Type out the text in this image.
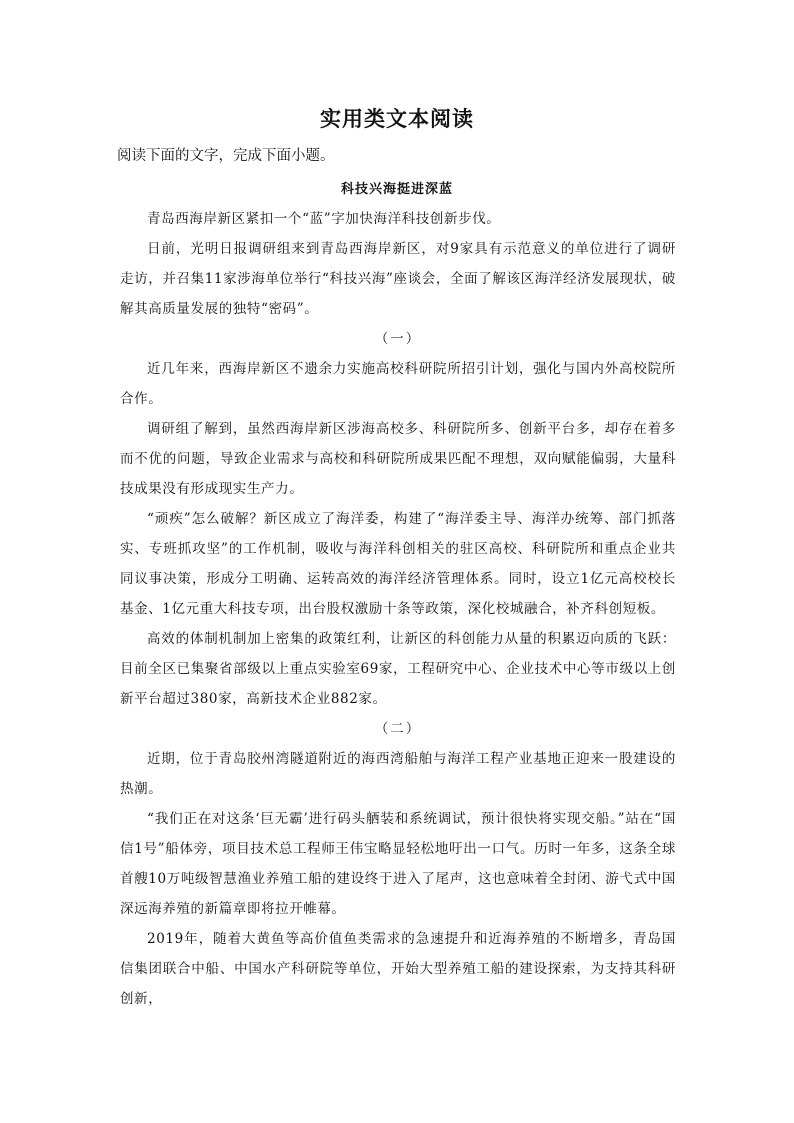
实用类文本阅读
阅读下面的文字，完成下面小题。
科技兴海挺进深蓝

青岛西海岸新区紧扣一个“蓝”字加快海洋科技创新步伐。

日前，光明日报调研组来到青岛西海岸新区，对9家具有示范意义的单位进行了调研走访，并召集11家涉海单位举行“科技兴海”座谈会，全面了解该区海洋经济发展现状，破解其高质量发展的独特“密码”。

（一）

近几年来，西海岸新区不遗余力实施高校科研院所招引计划，强化与国内外高校院所合作。

调研组了解到，虽然西海岸新区涉海高校多、科研院所多、创新平台多，却存在着多而不优的问题，导致企业需求与高校和科研院所成果匹配不理想，双向赋能偏弱，大量科技成果没有形成现实生产力。

“顽疾”怎么破解？新区成立了海洋委，构建了“海洋委主导、海洋办统筹、部门抓落实、专班抓攻坚”的工作机制，吸收与海洋科创相关的驻区高校、科研院所和重点企业共同议事决策，形成分工明确、运转高效的海洋经济管理体系。同时，设立1亿元高校校长基金、1亿元重大科技专项，出台股权激励十条等政策，深化校城融合，补齐科创短板。

高效的体制机制加上密集的政策红利，让新区的科创能力从量的积累迈向质的飞跃：目前全区已集聚省部级以上重点实验室69家，工程研究中心、企业技术中心等市级以上创新平台超过380家，高新技术企业882家。

（二）

近期，位于青岛胶州湾隧道附近的海西湾船舶与海洋工程产业基地正迎来一股建设的热潮。

“我们正在对这条‘巨无霸’进行码头舾装和系统调试，预计很快将实现交船。”站在“国信1号”船体旁，项目技术总工程师王伟宝略显轻松地吁出一口气。历时一年多，这条全球首艘10万吨级智慧渔业养殖工船的建设终于进入了尾声，这也意味着全封闭、游弋式中国深远海养殖的新篇章即将拉开帷幕。

2019年，随着大黄鱼等高价值鱼类需求的急速提升和近海养殖的不断增多，青岛国信集团联合中船、中国水产科研院等单位，开始大型养殖工船的建设探索，为支持其科研创新，
